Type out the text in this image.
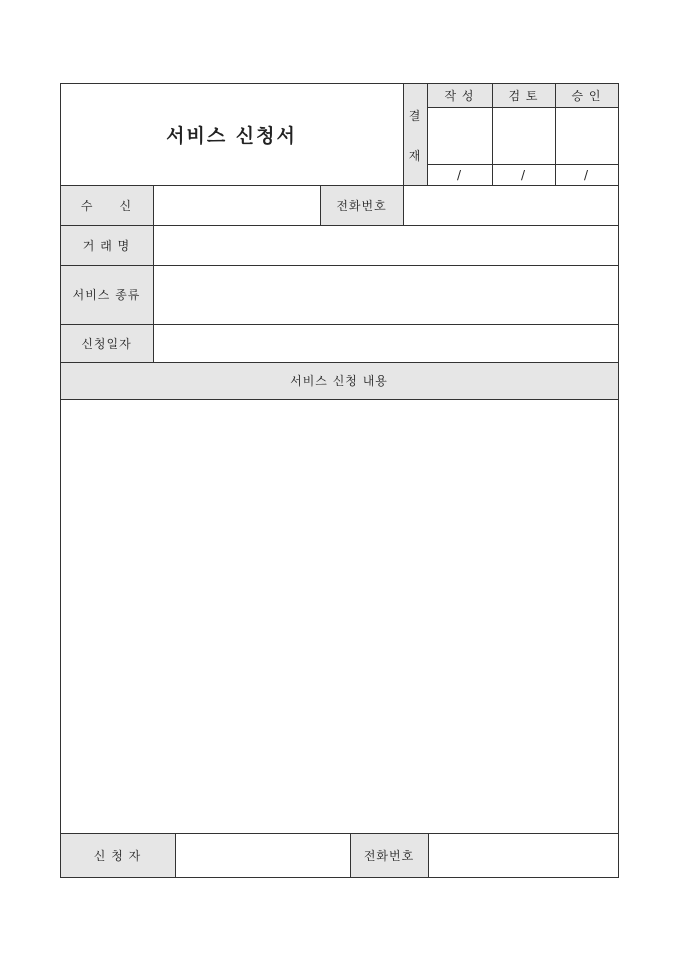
서비스 신청서
결
재
작 성	검 토	승 인
/	/	/
수　　신	전화번호
거 래 명
서비스 종류
신청일자
서비스 신청 내용
신 청 자	전화번호
